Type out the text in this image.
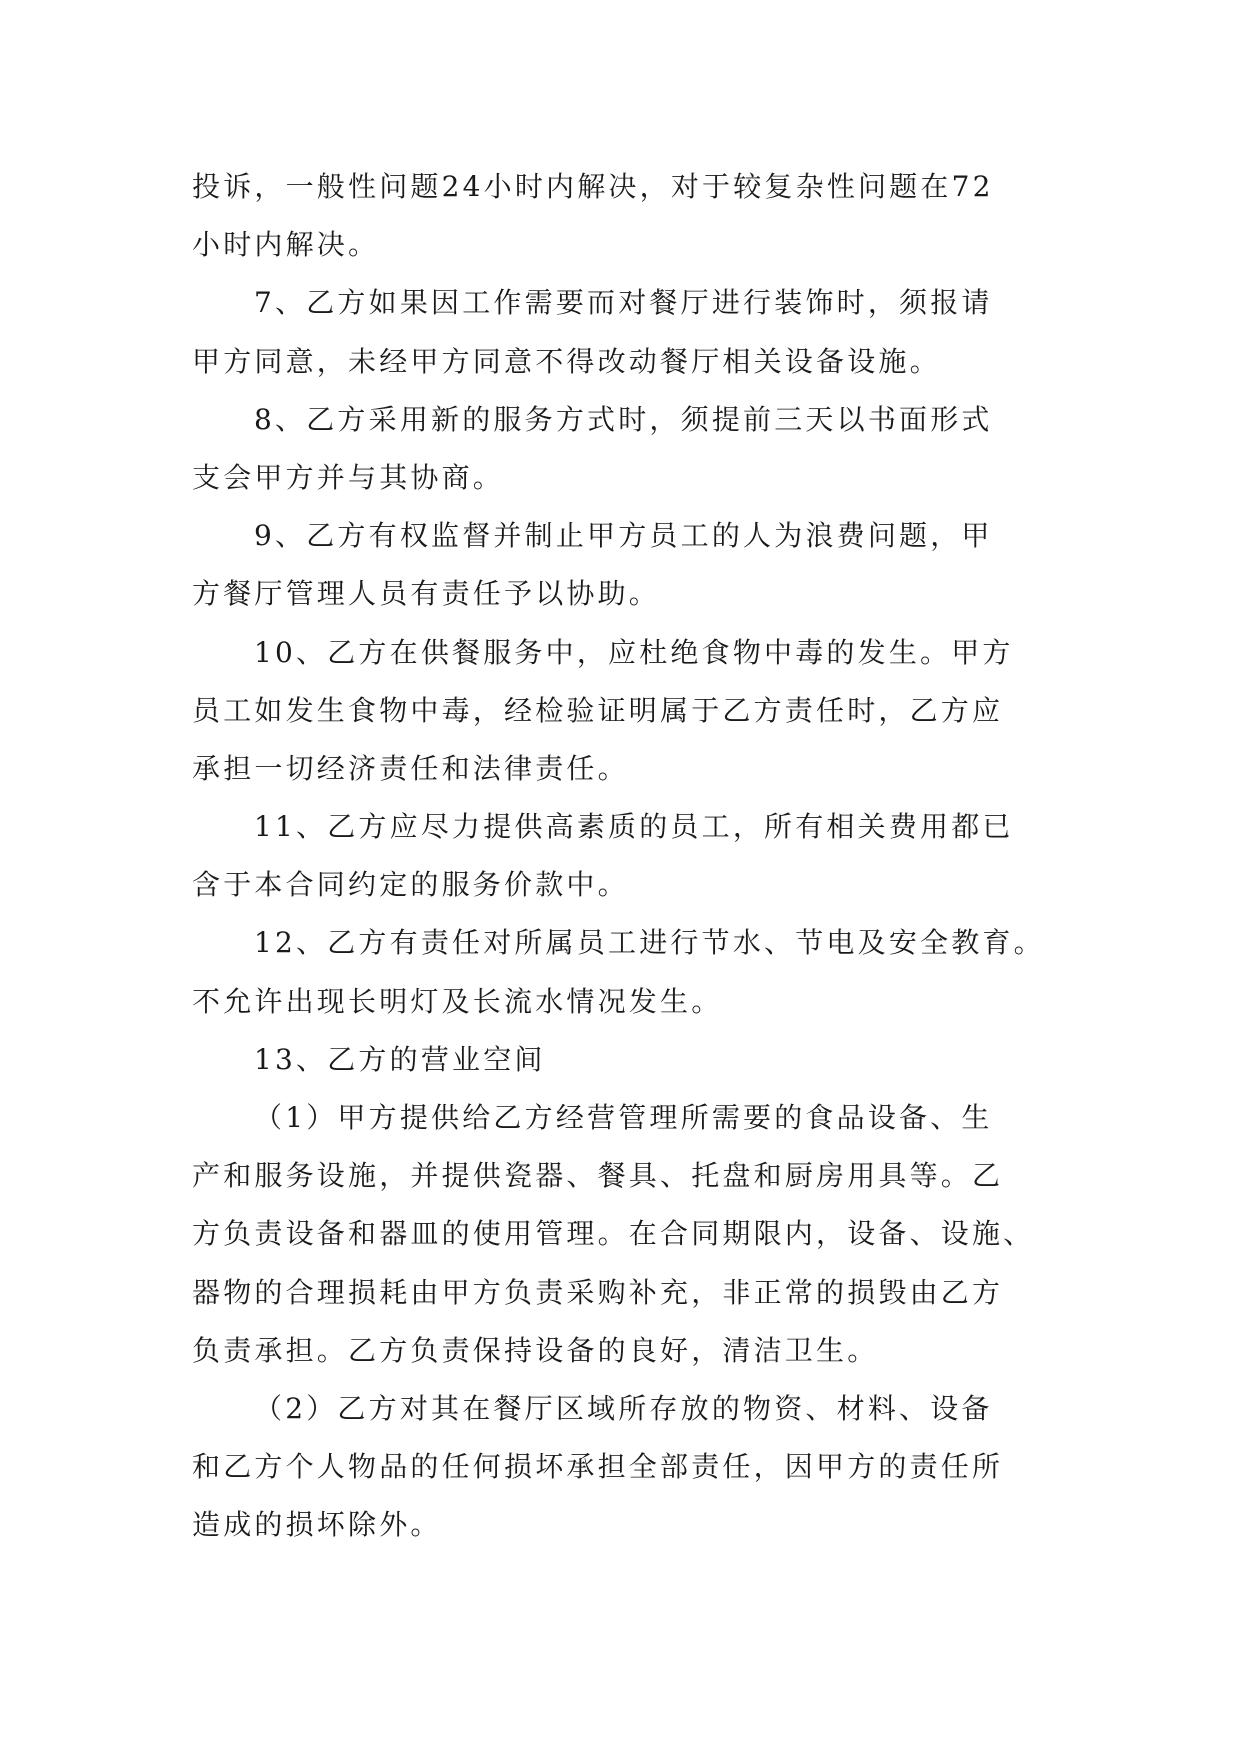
投诉，一般性问题24小时内解决，对于较复杂性问题在72
小时内解决。
7、乙方如果因工作需要而对餐厅进行装饰时，须报请
甲方同意，未经甲方同意不得改动餐厅相关设备设施。
8、乙方采用新的服务方式时，须提前三天以书面形式
支会甲方并与其协商。
9、乙方有权监督并制止甲方员工的人为浪费问题，甲
方餐厅管理人员有责任予以协助。
10、乙方在供餐服务中，应杜绝食物中毒的发生。甲方
员工如发生食物中毒，经检验证明属于乙方责任时，乙方应
承担一切经济责任和法律责任。
11、乙方应尽力提供高素质的员工，所有相关费用都已
含于本合同约定的服务价款中。
12、乙方有责任对所属员工进行节水、节电及安全教育。
不允许出现长明灯及长流水情况发生。
13、乙方的营业空间
（1）甲方提供给乙方经营管理所需要的食品设备、生
产和服务设施，并提供瓷器、餐具、托盘和厨房用具等。乙
方负责设备和器皿的使用管理。在合同期限内，设备、设施、
器物的合理损耗由甲方负责采购补充，非正常的损毁由乙方
负责承担。乙方负责保持设备的良好，清洁卫生。
（2）乙方对其在餐厅区域所存放的物资、材料、设备
和乙方个人物品的任何损坏承担全部责任，因甲方的责任所
造成的损坏除外。
